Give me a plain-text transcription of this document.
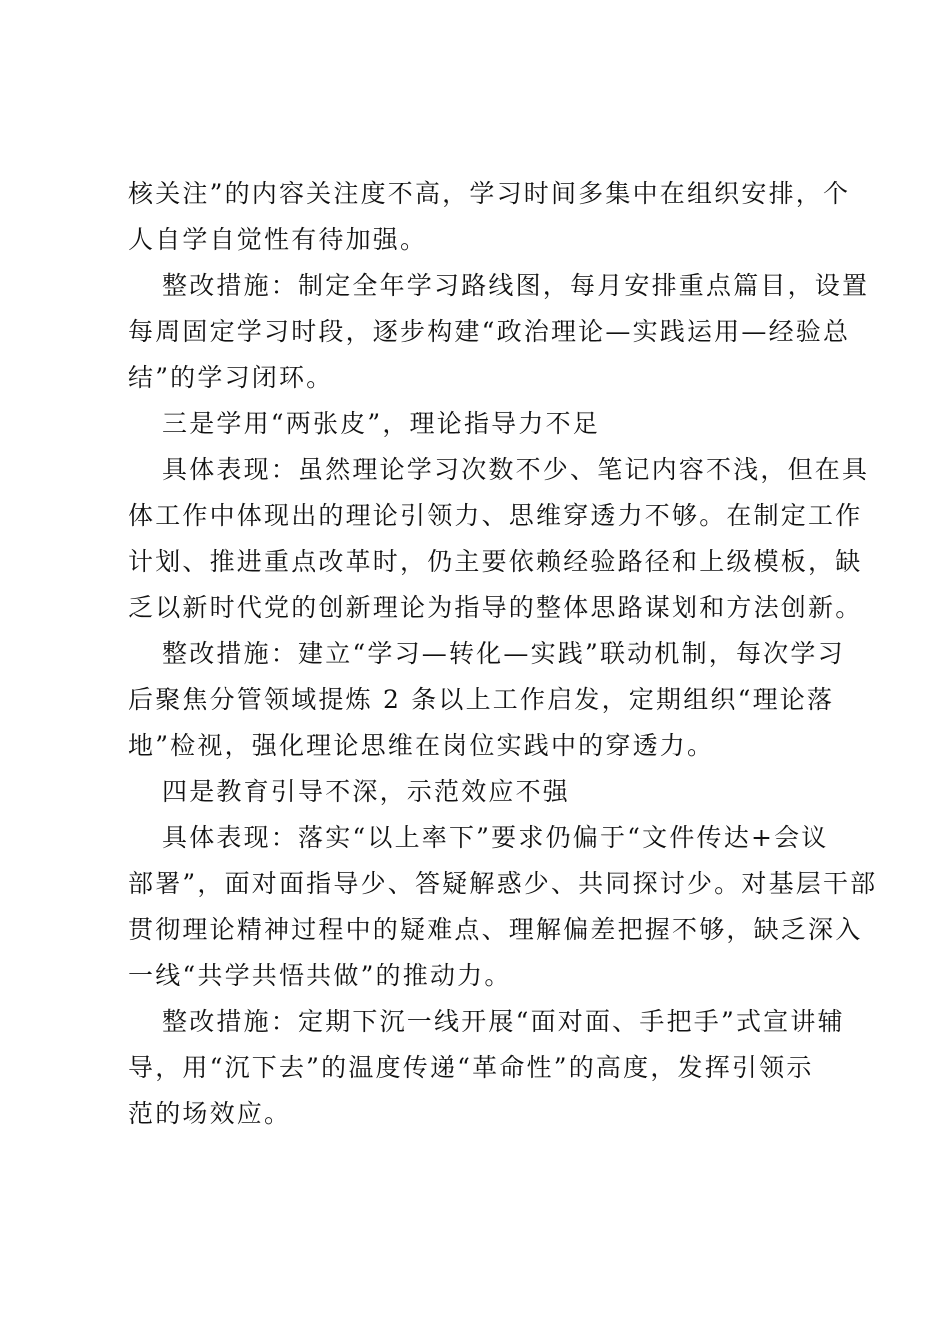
核关注”的内容关注度不高，学习时间多集中在组织安排，个
人自学自觉性有待加强。
整改措施：制定全年学习路线图，每月安排重点篇目，设置
每周固定学习时段，逐步构建“政治理论—实践运用—经验总
结”的学习闭环。
三是学用“两张皮”，理论指导力不足
具体表现：虽然理论学习次数不少、笔记内容不浅，但在具
体工作中体现出的理论引领力、思维穿透力不够。在制定工作
计划、推进重点改革时，仍主要依赖经验路径和上级模板，缺
乏以新时代党的创新理论为指导的整体思路谋划和方法创新。
整改措施：建立“学习—转化—实践”联动机制，每次学习
后聚焦分管领域提炼 2 条以上工作启发，定期组织“理论落
地”检视，强化理论思维在岗位实践中的穿透力。
四是教育引导不深，示范效应不强
具体表现：落实“以上率下”要求仍偏于“文件传达+会议
部署”，面对面指导少、答疑解惑少、共同探讨少。对基层干部
贯彻理论精神过程中的疑难点、理解偏差把握不够，缺乏深入
一线“共学共悟共做”的推动力。
整改措施：定期下沉一线开展“面对面、手把手”式宣讲辅
导，用“沉下去”的温度传递“革命性”的高度，发挥引领示
范的场效应。
